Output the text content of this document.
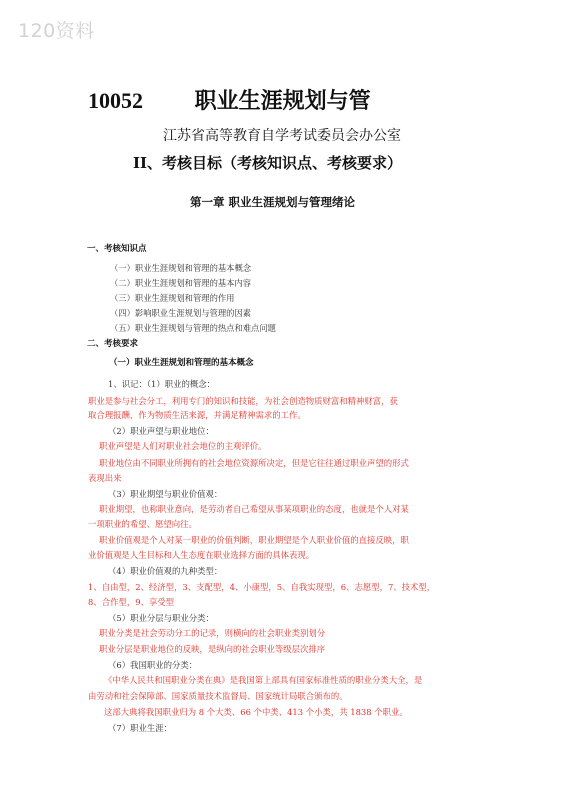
120资料
10052 职业生涯规划与管
江苏省高等教育自学考试委员会办公室
II、考核目标（考核知识点、考核要求）
第一章 职业生涯规划与管理绪论
一、考核知识点
（一）职业生涯规划和管理的基本概念
（二）职业生涯规划和管理的基本内容
（三）职业生涯规划和管理的作用
（四）影响职业生涯规划与管理的因素
（五）职业生涯规划与管理的热点和难点问题
二、考核要求
（一）职业生涯规划和管理的基本概念
1、识记：（1）职业的概念：
职业是参与社会分工，利用专门的知识和技能，为社会创造物质财富和精神财富，获
取合理报酬，作为物质生活来源，并满足精神需求的工作。
（2）职业声望与职业地位：
职业声望是人们对职业社会地位的主观评价。
职业地位由不同职业所拥有的社会地位资源所决定，但是它往往通过职业声望的形式
表现出来
（3）职业期望与职业价值观：
职业期望，也称职业意向，是劳动者自己希望从事某项职业的态度，也就是个人对某
一项职业的希望、愿望向往。
职业价值观是个人对某一职业的价值判断，职业期望是个人职业价值的直接反映，职
业价值观是人生目标和人生态度在职业选择方面的具体表现。
（4）职业价值观的九种类型：
1、自由型，2、经济型，3、支配型，4、小康型，5、自我实现型，6、志愿型，7、技术型，
8、合作型，9、享受型
（5）职业分层与职业分类：
职业分类是社会劳动分工的记录，则横向的社会职业类别划分
职业分层是职业地位的反映，是纵向的社会职业等级层次排序
（6）我国职业的分类：
《中华人民共和国职业分类在典》是我国第上部具有国家标准性质的职业分类大全，是
由劳动和社会保障部、国家质量技术监督局、国家统计局联合颁布的。
这部大典将我国职业归为 8 个大类、66 个中类、413 个小类，共 1838 个职业。
（7）职业生涯：
